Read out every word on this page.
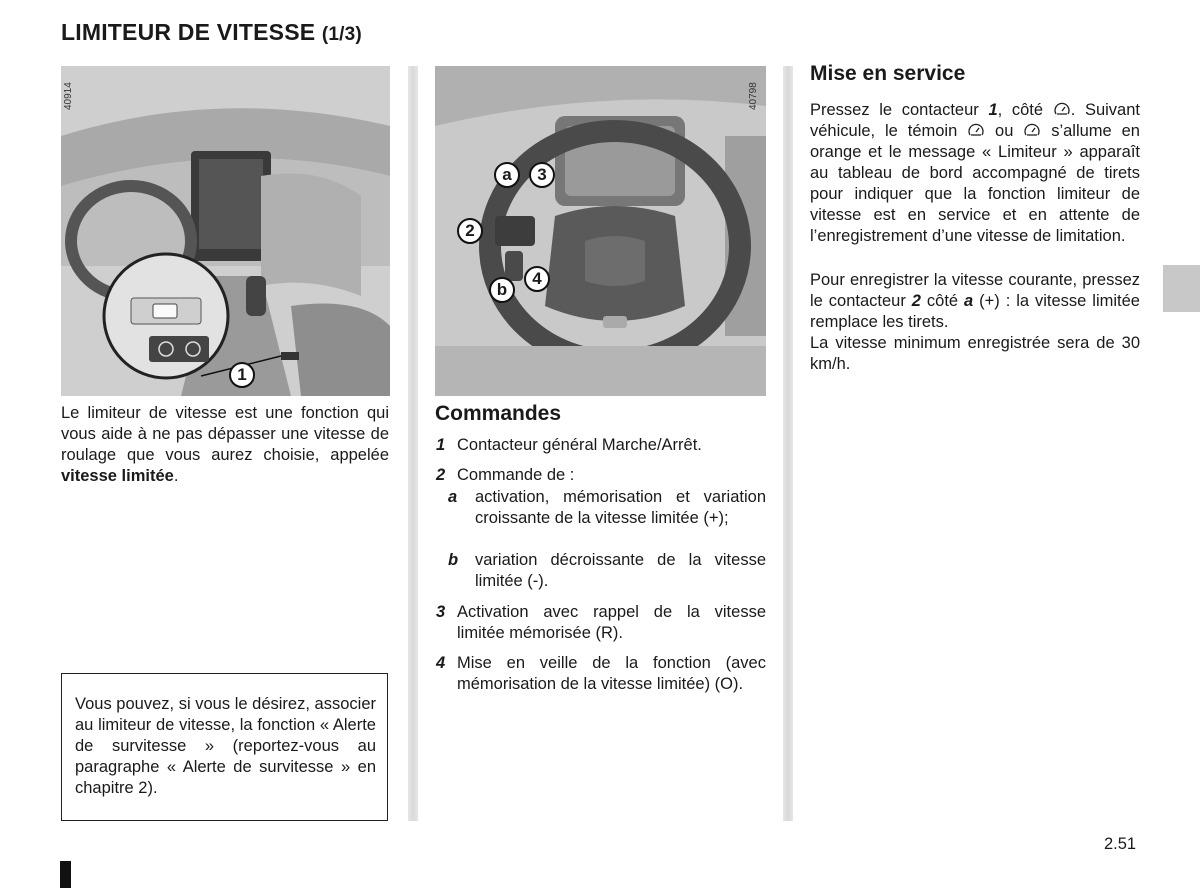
LIMITEUR DE VITESSE (1/3)
40914
1
40798
a	3
2
4
b
Le limiteur de vitesse est une fonction qui vous aide à ne pas dépasser une vitesse de roulage que vous aurez choisie, appelée vitesse limitée.
Vous pouvez, si vous le désirez, associer au limiteur de vitesse, la fonction « Alerte de survitesse » (reportez-vous au paragraphe « Alerte de survitesse » en chapitre 2).
Commandes
1 Contacteur général Marche/Arrêt.
2 Commande de :
a activation, mémorisation et variation croissante de la vitesse limitée (+);
b variation décroissante de la vitesse limitée (-).
3 Activation avec rappel de la vitesse limitée mémorisée (R).
4 Mise en veille de la fonction (avec mémorisation de la vitesse limitée) (O).
Mise en service
Pressez le contacteur 1, côté . Suivant véhicule, le témoin ou s’allume en orange et le message « Limiteur » apparaît au tableau de bord accompagné de tirets pour indiquer que la fonction limiteur de vitesse est en service et en attente de l’enregistrement d’une vitesse de limitation.
Pour enregistrer la vitesse courante, pressez le contacteur 2 côté a (+) : la vitesse limitée remplace les tirets.
La vitesse minimum enregistrée sera de 30 km/h.
2.51
